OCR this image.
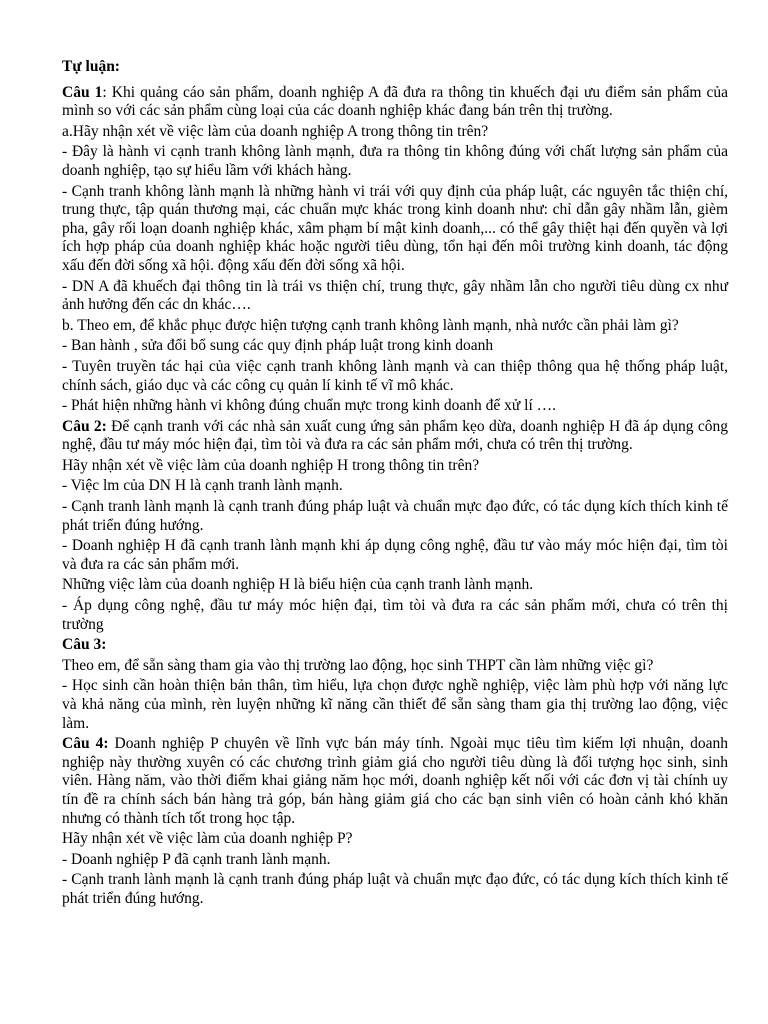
Tự luận:

Câu 1: Khi quảng cáo sản phẩm, doanh nghiệp A đã đưa ra thông tin khuếch đại ưu điểm sản phẩm của mình so với các sản phẩm cùng loại của các doanh nghiệp khác đang bán trên thị trường.

a.Hãy nhận xét về việc làm của doanh nghiệp A trong thông tin trên?

- Đây là hành vi cạnh tranh không lành mạnh, đưa ra thông tin không đúng với chất lượng sản phẩm của doanh nghiệp, tạo sự hiểu lầm với khách hàng.

- Cạnh tranh không lành mạnh là những hành vi trái với quy định của pháp luật, các nguyên tắc thiện chí, trung thực, tập quán thương mại, các chuẩn mực khác trong kinh doanh như: chỉ dẫn gây nhầm lẫn, gièm pha, gây rối loạn doanh nghiệp khác, xâm phạm bí mật kinh doanh,... có thể gây thiệt hại đến quyền và lợi ích hợp pháp của doanh nghiệp khác hoặc người tiêu dùng, tổn hại đến môi trường kinh doanh, tác động xấu đến đời sống xã hội. động xấu đến đời sống xã hội.

- DN A đã khuếch đại thông tin là trái vs thiện chí, trung thực, gây nhầm lẫn cho người tiêu dùng cx như ảnh hưởng đến các dn khác….

b. Theo em, để khắc phục được hiện tượng cạnh tranh không lành mạnh, nhà nước cần phải làm gì?

- Ban hành , sửa đổi bổ sung các quy định pháp luật trong kinh doanh

- Tuyên truyền tác hại của việc cạnh tranh không lành mạnh và can thiệp thông qua hệ thống pháp luật, chính sách, giáo dục và các công cụ quản lí kinh tế vĩ mô khác.

- Phát hiện những hành vi không đúng chuẩn mực trong kinh doanh để xử lí ….

Câu 2: Để cạnh tranh với các nhà sản xuất cung ứng sản phẩm kẹo dừa, doanh nghiệp H đã áp dụng công nghệ, đầu tư máy móc hiện đại, tìm tòi và đưa ra các sản phẩm mới, chưa có trên thị trường.

Hãy nhận xét về việc làm của doanh nghiệp H trong thông tin trên?

- Việc lm của DN H là cạnh tranh lành mạnh.

- Cạnh tranh lành mạnh là cạnh tranh đúng pháp luật và chuẩn mực đạo đức, có tác dụng kích thích kinh tế phát triển đúng hướng.

- Doanh nghiệp H đã cạnh tranh lành mạnh khi áp dụng công nghệ, đầu tư vào máy móc hiện đại, tìm tòi và đưa ra các sản phẩm mới.

Những việc làm của doanh nghiệp H là biểu hiện của cạnh tranh lành mạnh.

- Áp dụng công nghệ, đầu tư máy móc hiện đại, tìm tòi và đưa ra các sản phẩm mới, chưa có trên thị trường

Câu 3:

Theo em, để sẵn sàng tham gia vào thị trường lao động, học sinh THPT cần làm những việc gì?

- Học sinh cần hoàn thiện bản thân, tìm hiểu, lựa chọn được nghề nghiệp, việc làm phù hợp với năng lực và khả năng của mình, rèn luyện những kĩ năng cần thiết để sẵn sàng tham gia thị trường lao động, việc làm.

Câu 4: Doanh nghiệp P chuyên về lĩnh vực bán máy tính. Ngoài mục tiêu tìm kiếm lợi nhuận, doanh nghiệp này thường xuyên có các chương trình giảm giá cho người tiêu dùng là đối tượng học sinh, sinh viên. Hàng năm, vào thời điểm khai giảng năm học mới, doanh nghiệp kết nối với các đơn vị tài chính uy tín đề ra chính sách bán hàng trả góp, bán hàng giảm giá cho các bạn sinh viên có hoàn cảnh khó khăn nhưng có thành tích tốt trong học tập.

Hãy nhận xét về việc làm của doanh nghiệp P?

- Doanh nghiệp P đã cạnh tranh lành mạnh.

- Cạnh tranh lành mạnh là cạnh tranh đúng pháp luật và chuẩn mực đạo đức, có tác dụng kích thích kinh tế phát triển đúng hướng.
